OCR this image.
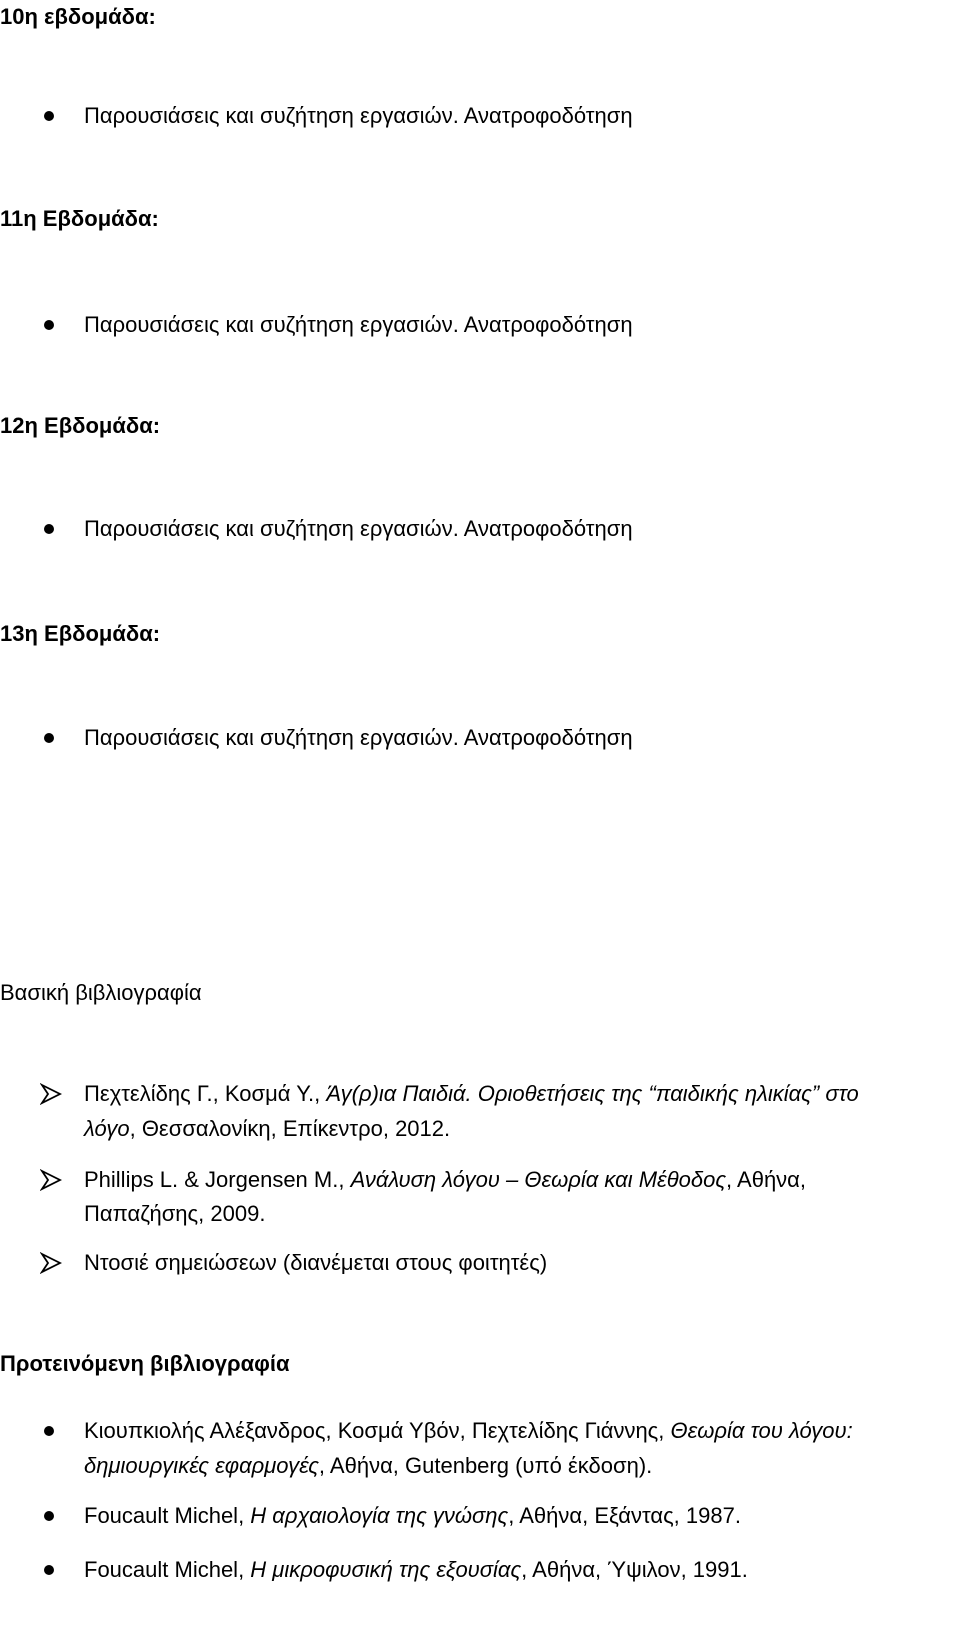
10η εβδομάδα:
Παρουσιάσεις και συζήτηση εργασιών. Ανατροφοδότηση
11η Εβδομάδα:
Παρουσιάσεις και συζήτηση εργασιών. Ανατροφοδότηση
12η Εβδομάδα:
Παρουσιάσεις και συζήτηση εργασιών. Ανατροφοδότηση
13η Εβδομάδα:
Παρουσιάσεις και συζήτηση εργασιών. Ανατροφοδότηση
Βασική βιβλιογραφία
Πεχτελίδης Γ., Κοσμά Υ., Άγ(ρ)ια Παιδιά. Οριοθετήσεις της “παιδικής ηλικίας” στο
λόγο, Θεσσαλονίκη, Επίκεντρο, 2012.
Phillips L. & Jorgensen M., Ανάλυση λόγου – Θεωρία και Μέθοδος, Αθήνα,
Παπαζήσης, 2009.
Ντοσιέ σημειώσεων (διανέμεται στους φοιτητές)
Προτεινόμενη βιβλιογραφία
Κιουπκιολής Αλέξανδρος, Κοσμά Υβόν, Πεχτελίδης Γιάννης, Θεωρία του λόγου:
δημιουργικές εφαρμογές, Αθήνα, Gutenberg (υπό έκδοση).
Foucault Michel, Η αρχαιολογία της γνώσης, Αθήνα, Εξάντας, 1987.
Foucault Michel, Η μικροφυσική της εξουσίας, Αθήνα, Ύψιλον, 1991.
